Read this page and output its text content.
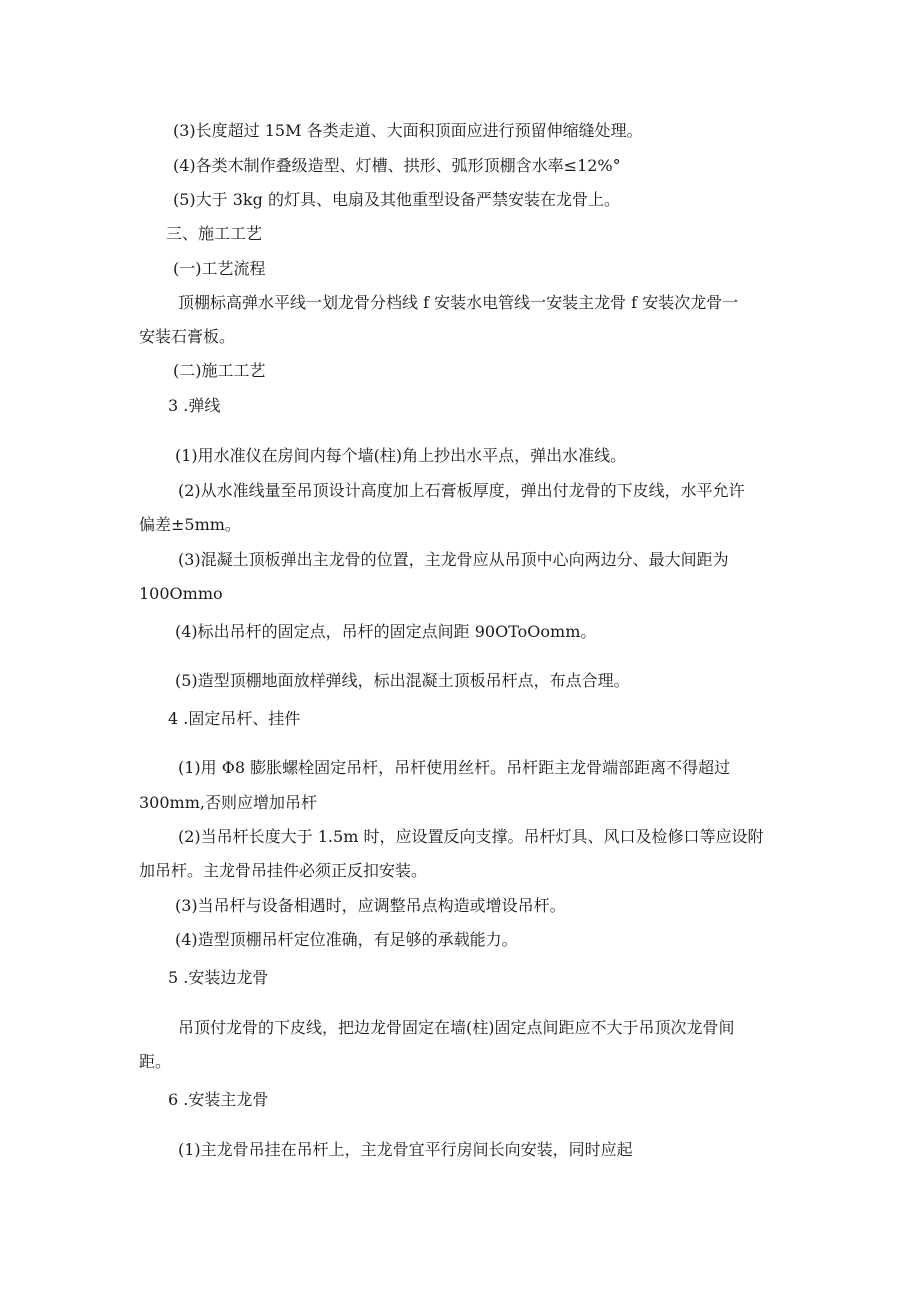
(3)长度超过 15M 各类走道、大面积顶面应进行预留伸缩缝处理。
(4)各类木制作叠级造型、灯槽、拱形、弧形顶棚含水率≤12%°
(5)大于 3kg 的灯具、电扇及其他重型设备严禁安装在龙骨上。
三、施工工艺
(一)工艺流程
顶棚标高弹水平线一划龙骨分档线 f 安装水电管线一安装主龙骨 f 安装次龙骨一
安装石膏板。
(二)施工工艺
3 .弹线
(1)用水准仪在房间内每个墙(柱)角上抄出水平点，弹出水准线。
(2)从水准线量至吊顶设计高度加上石膏板厚度，弹出付龙骨的下皮线，水平允许
偏差±5mm。
(3)混凝土顶板弹出主龙骨的位置，主龙骨应从吊顶中心向两边分、最大间距为
100Ommo
(4)标出吊杆的固定点，吊杆的固定点间距 90OToOomm。
(5)造型顶棚地面放样弹线，标出混凝土顶板吊杆点，布点合理。
4 .固定吊杆、挂件
(1)用 Φ8 膨胀螺栓固定吊杆，吊杆使用丝杆。吊杆距主龙骨端部距离不得超过
300mm,否则应增加吊杆
(2)当吊杆长度大于 1.5m 时，应设置反向支撑。吊杆灯具、风口及检修口等应设附
加吊杆。主龙骨吊挂件必须正反扣安装。
(3)当吊杆与设备相遇时，应调整吊点构造或增设吊杆。
(4)造型顶棚吊杆定位准确，有足够的承载能力。
5 .安装边龙骨
吊顶付龙骨的下皮线，把边龙骨固定在墙(柱)固定点间距应不大于吊顶次龙骨间
距。
6 .安装主龙骨
(1)主龙骨吊挂在吊杆上，主龙骨宜平行房间长向安装，同时应起
